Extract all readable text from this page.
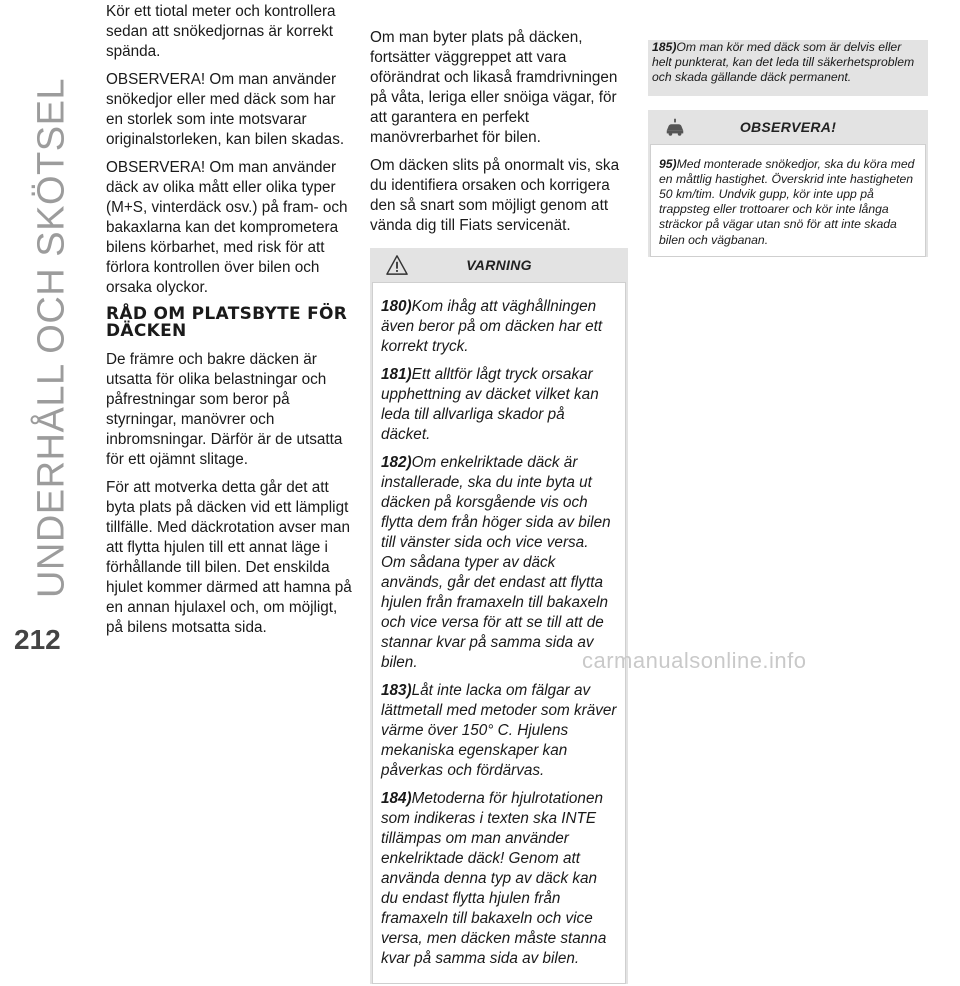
UNDERHÅLL OCH SKÖTSEL
212

Kör ett tiotal meter och kontrollera sedan att snökedjornas är korrekt spända.

OBSERVERA! Om man använder snökedjor eller med däck som har en storlek som inte motsvarar originalstorleken, kan bilen skadas.

OBSERVERA! Om man använder däck av olika mått eller olika typer (M+S, vinterdäck osv.) på fram- och bakaxlarna kan det komprometera bilens körbarhet, med risk för att förlora kontrollen över bilen och orsaka olyckor.

RÅD OM PLATSBYTE FÖR DÄCKEN

De främre och bakre däcken är utsatta för olika belastningar och påfrestningar som beror på styrningar, manövrer och inbromsningar. Därför är de utsatta för ett ojämnt slitage.

För att motverka detta går det att byta plats på däcken vid ett lämpligt tillfälle. Med däckrotation avser man att flytta hjulen till ett annat läge i förhållande till bilen. Det enskilda hjulet kommer därmed att hamna på en annan hjulaxel och, om möjligt, på bilens motsatta sida.

Om man byter plats på däcken, fortsätter väggreppet att vara oförändrat och likaså framdrivningen på våta, leriga eller snöiga vägar, för att garantera en perfekt manövrerbarhet för bilen.

Om däcken slits på onormalt vis, ska du identifiera orsaken och korrigera den så snart som möjligt genom att vända dig till Fiats servicenät.

VARNING

180)Kom ihåg att väghållningen även beror på om däcken har ett korrekt tryck.

181)Ett alltför lågt tryck orsakar upphettning av däcket vilket kan leda till allvarliga skador på däcket.

182)Om enkelriktade däck är installerade, ska du inte byta ut däcken på korsgående vis och flytta dem från höger sida av bilen till vänster sida och vice versa. Om sådana typer av däck används, går det endast att flytta hjulen från framaxeln till bakaxeln och vice versa för att se till att de stannar kvar på samma sida av bilen.

183)Låt inte lacka om fälgar av lättmetall med metoder som kräver värme över 150° C. Hjulens mekaniska egenskaper kan påverkas och fördärvas.

184)Metoderna för hjulrotationen som indikeras i texten ska INTE tillämpas om man använder enkelriktade däck! Genom att använda denna typ av däck kan du endast flytta hjulen från framaxeln till bakaxeln och vice versa, men däcken måste stanna kvar på samma sida av bilen.

185)Om man kör med däck som är delvis eller helt punkterat, kan det leda till säkerhetsproblem och skada gällande däck permanent.

OBSERVERA!

95)Med monterade snökedjor, ska du köra med en måttlig hastighet. Överskrid inte hastigheten 50 km/tim. Undvik gupp, kör inte upp på trappsteg eller trottoarer och kör inte långa sträckor på vägar utan snö för att inte skada bilen och vägbanan.

carmanualsonline.info
